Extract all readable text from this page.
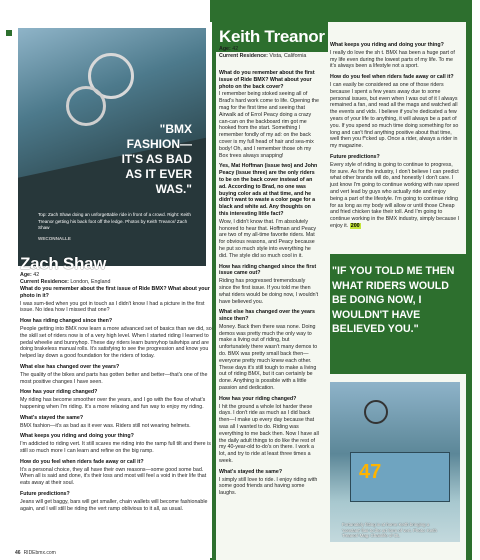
"BMX FASHION— IT'S AS BAD AS IT EVER WAS."
Top: Zach Shaw doing an unforgettable ride in front of a crowd. Right: Keith Treanor getting his back foot off the ledge. Photos by Keith Treanor/ Zach Shaw
WECONNALLE
Zach Shaw
Age: 42
Current Residence: London, England

What do you remember about the first issue of Ride BMX? What about your photo in it?

I was sum-tied when you got in touch as I didn't know I had a picture in the first issue. No idea how I missed that one?

How has riding changed since then?

People getting into BMX now learn a more advanced set of basics than we did, so the skill set of riders now is of a very high level. When I started riding I learned to pedal wheelie and bunnyhop. These day riders learn bunnyhop tailwhips and are doing brakeless manual rolls. It's satisfying to see the progression and know you helped lay down a good foundation for the riders of today.

What else has changed over the years?

The quality of the bikes and parts has gotten better and better—that's one of the most positive changes I have seen.

How has your riding changed?

My riding has become smoother over the years, and I go with the flow of what's happening when I'm riding. It's a more relaxing and fun way to enjoy my riding.

What's stayed the same?

BMX fashion—it's as bad as it ever was. Riders still not wearing helmets.

What keeps you riding and doing your thing?

I'm addicted to riding vert. It still scares me riding into the ramp full tilt and there is still so much more I can learn and refine on the big ramp.

How do you feel when riders fade away or call it?

It's a personal choice, they all have their own reasons—some good some bad. When all is said and done, it's their loss and most will feel a void in their life that eats away at their soul.

Future predictions?

Jeans will get baggy, bars will get smaller, chain wallets will become fashionable again, and I will still be riding the vert ramp oblivious to it all, as usual.

Keith Treanor
Age: 42
Current Residence: Vista, California

What do you remember about the first issue of Ride BMX? What about your photo on the back cover?

I remember being stoked seeing all of Brad's hard work come to life. Opening the mag for the first time and seeing that Airwalk ad of Errol Peacy doing a crazy can-can on the backboard rim got me hooked from the start. Something I remember fondly of my ad: on the back cover is my full head of hair and sea-mix body! Oh, and I remember those oh my Box trees always snapping!

Yes, Mat Hoffman (issue two) and John Peacy (issue three) are the only riders to be on the back cover instead of an ad. According to Brad, no one was buying color ads at that time, and he didn't want to waste a color page for a black and white ad. Any thoughts on this interesting little fact?

Wow, I didn't know that. I'm absolutely honored to hear that. Hoffman and Peacy are two of my all-time favorite riders. Mat for obvious reasons, and Peacy because he put so much style into everything he did. The style did so much cool in it.

How has riding changed since the first issue came out?

Riding has progressed tremendously since the first issue. If you told me then what riders would be doing now, I wouldn't have believed you.

What else has changed over the years since then?

Money. Back then there was none. Doing demos was pretty much the only way to make a living out of riding, but unfortunately there wasn't many demos to do. BMX was pretty small back then—everyone pretty much knew each other. These days it's still tough to make a living out of riding BMX, but it can certainly be done. Anything is possible with a little passion and dedication.

How has your riding changed?

I hit the ground a whole lot harder these days. I don't ride as much as I did back then—I make up every day because that was all I wanted to do. Riding was everything to me back then. Now I have all the daily adult things to do like the rest of my 40-year-old to-do's on there. I work a lot, and try to ride at least three times a week.

What's stayed the same?

I simply still love to ride. I enjoy riding with some good friends and having some laughs.

What keeps you riding and doing your thing?

I really do love the sh t. BMX has been a huge part of my life even during the lowest parts of my life. To me it's always been a lifestyle not a sport.

How do you feel when riders fade away or call it?

I can easily be considered as one of those riders because I spent a few years away due to some personal issues, but even when I was out of it I always remained a fan, and read all the mags and watched all the events and vids. I believe if you're dedicated a few years of your life to anything, it will always be a part of you. If you spend so much time doing something for so long and can't find anything positive about that time, well then you f*cked up. Once a rider, always a rider in my magazine.

Future predictions?

Every style of riding is going to continue to progress, for sure. As for the industry, I don't believe I can predict what other brands will do, and honestly I don't care. I just know I'm going to continue working with raw speed and vert lead by guys who actually ride and enjoy being a part of the lifestyle. I'm going to continue riding for as long as my body will allow or until those Cheap and fried chicken take their toll. And I'm going to continue working in the BMX industry, simply because I enjoy it. 200

"IF YOU TOLD ME THEN WHAT RIDERS WOULD BE DOING NOW, I WOULDN'T HAVE BELIEVED YOU."
47
Fortunately fitting in at home Keith bringing a 'constant' flair to the art form of vert. Photo: Keith Treanor/ Mag: Chainlife of OL
46 RIDEbmx.com
